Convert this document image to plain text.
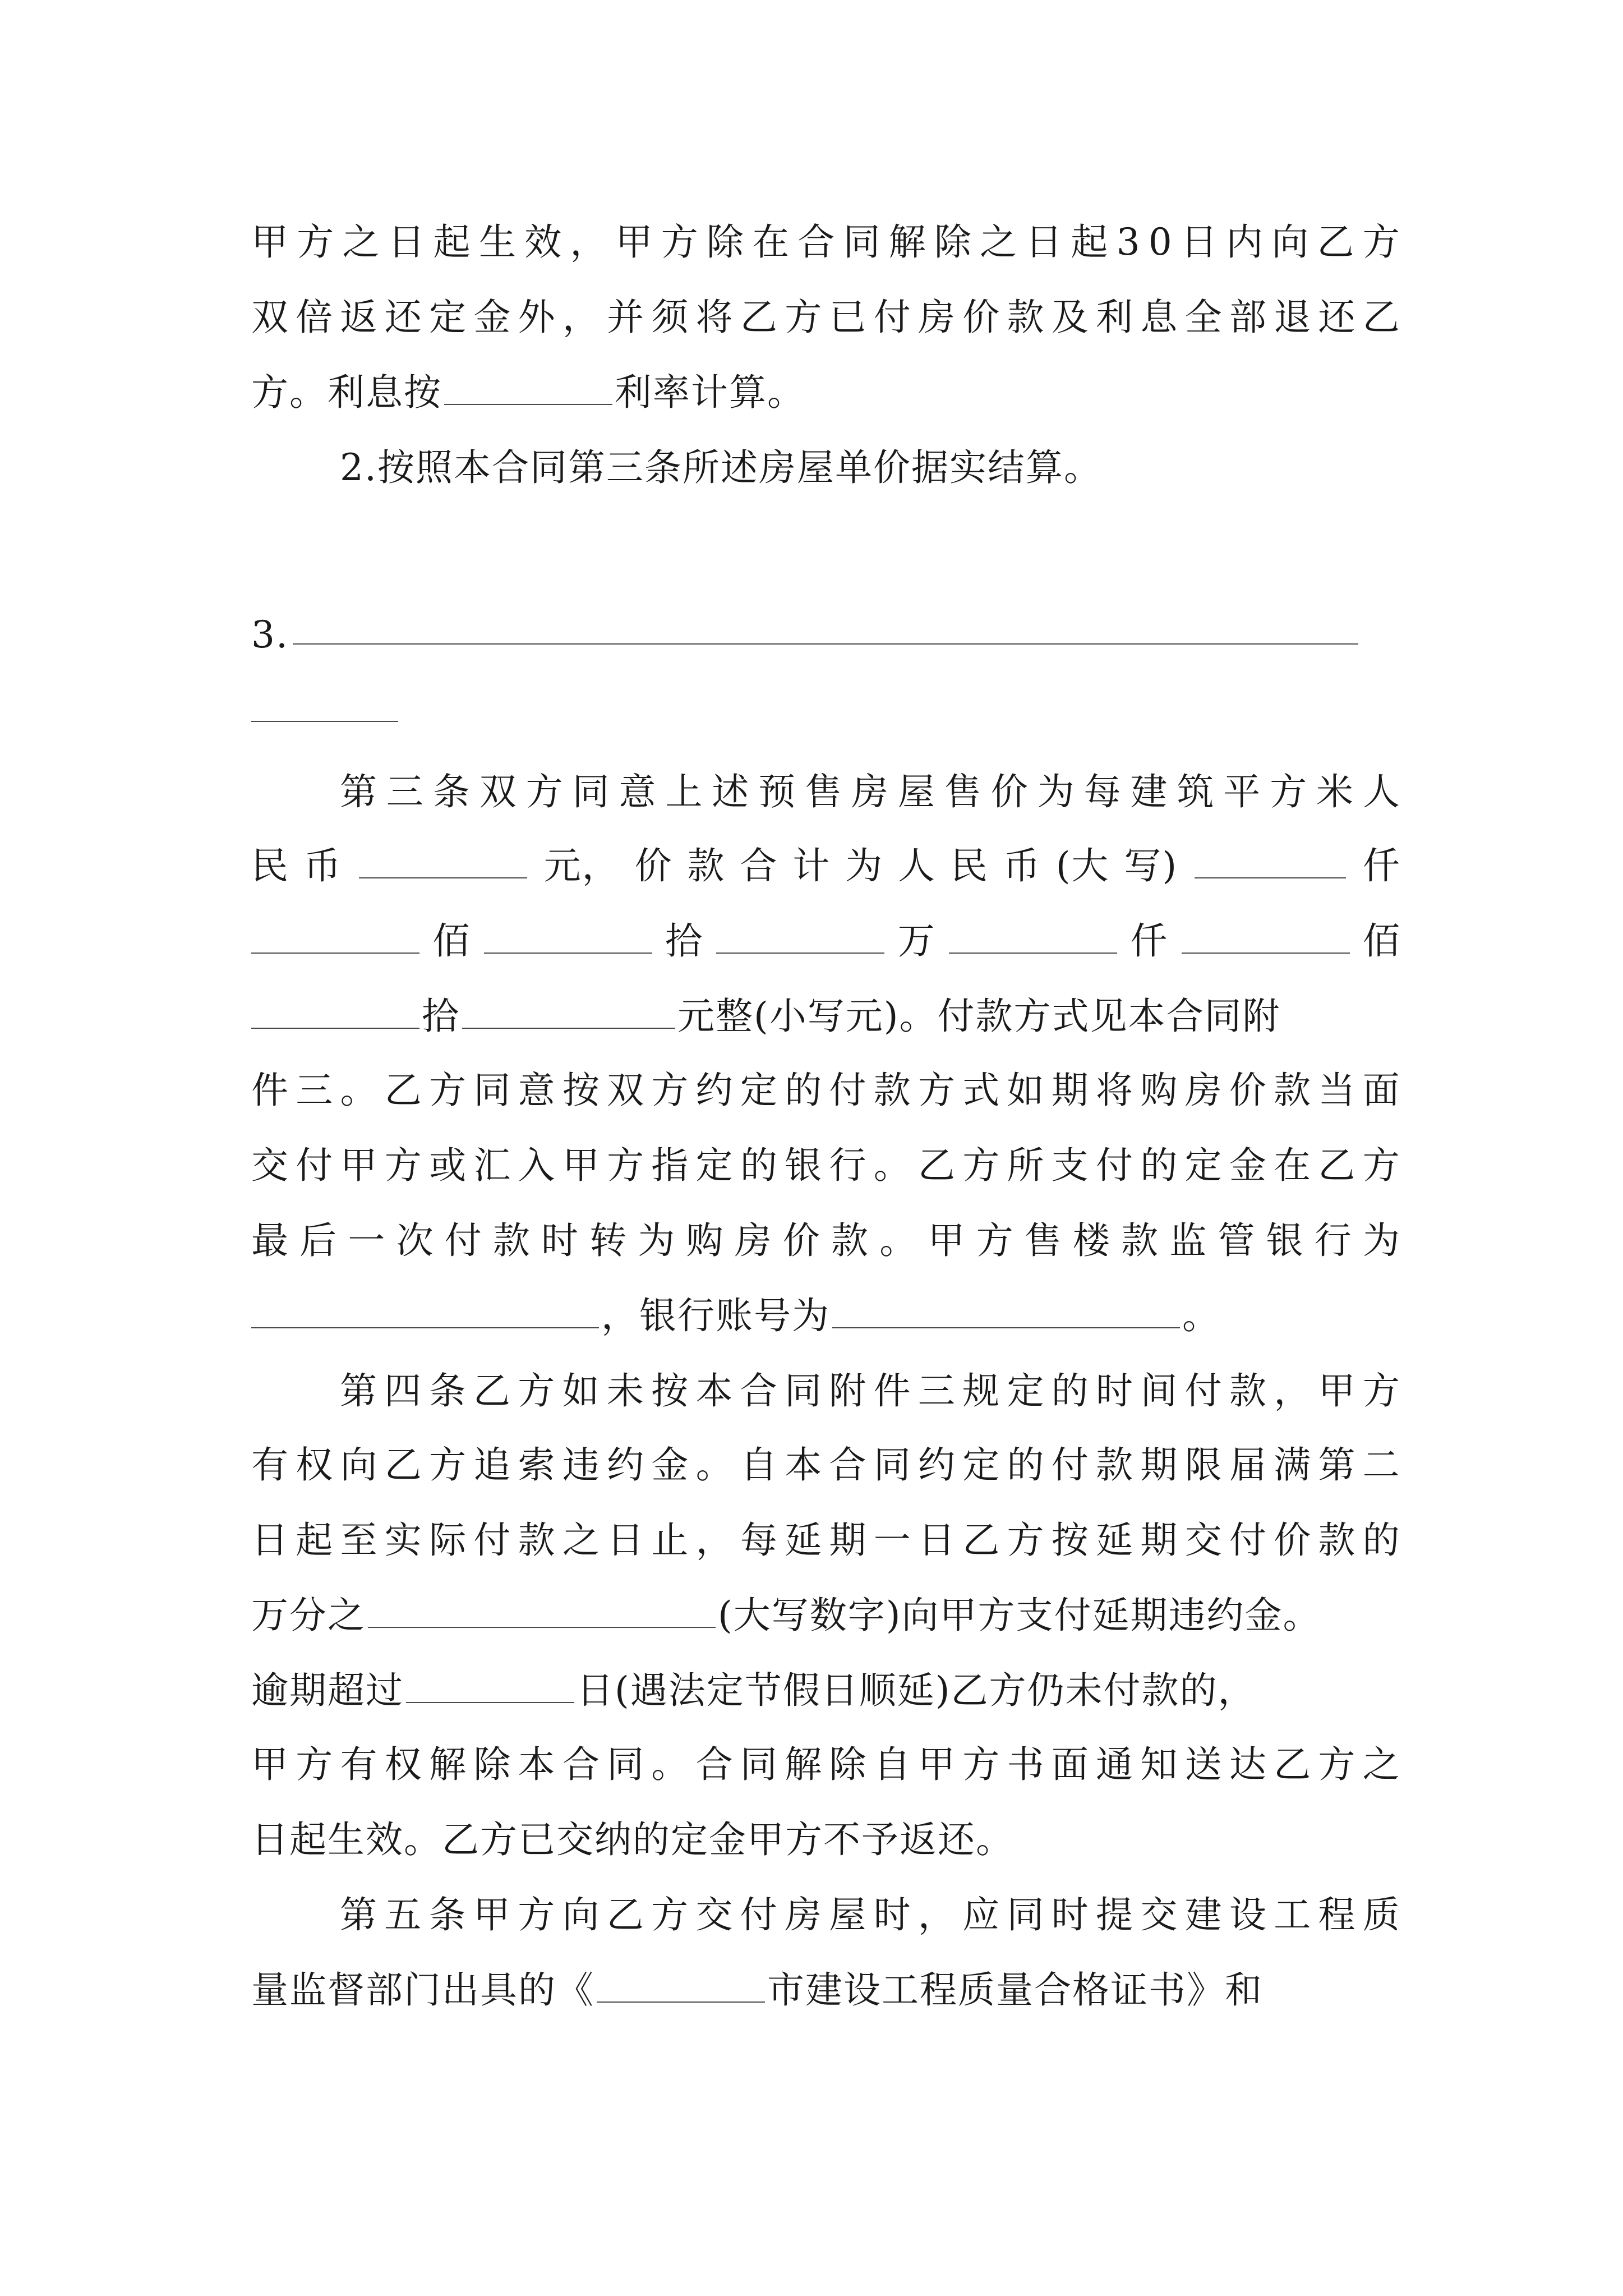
甲 方 之 日 起 生 效 ， 甲 方 除 在 合 同 解 除 之 日 起 3 0 日 内 向 乙 方
双 倍 返 还 定 金 外 ， 并 须 将 乙 方 已 付 房 价 款 及 利 息 全 部 退 还 乙
方。利息按	利率计算。
2.按照本合同第三条所述房屋单价据实结算。
3.
第 三 条 双 方 同 意 上 述 预 售 房 屋 售 价 为 每 建 筑 平 方 米 人
民 币	元， 价 款 合 计 为 人 民 币 (大 写)	仟
佰	拾	万	仟	佰
拾	元整(小写元)。付款方式见本合同附
件 三 。 乙 方 同 意 按 双 方 约 定 的 付 款 方 式 如 期 将 购 房 价 款 当 面
交 付 甲 方 或 汇 入 甲 方 指 定 的 银 行 。 乙 方 所 支 付 的 定 金 在 乙 方
最 后 一 次 付 款 时 转 为 购 房 价 款 。 甲 方 售 楼 款 监 管 银 行 为
，银行账号为	。
第 四 条 乙 方 如 未 按 本 合 同 附 件 三 规 定 的 时 间 付 款 ， 甲 方
有 权 向 乙 方 追 索 违 约 金 。 自 本 合 同 约 定 的 付 款 期 限 届 满 第 二
日 起 至 实 际 付 款 之 日 止 ， 每 延 期 一 日 乙 方 按 延 期 交 付 价 款 的
万分之	(大写数字)向甲方支付延期违约金。
逾期超过	日(遇法定节假日顺延)乙方仍未付款的，
甲 方 有 权 解 除 本 合 同 。 合 同 解 除 自 甲 方 书 面 通 知 送 达 乙 方 之
日起生效。乙方已交纳的定金甲方不予返还。
第 五 条 甲 方 向 乙 方 交 付 房 屋 时 ， 应 同 时 提 交 建 设 工 程 质
量监督部门出具的《	市建设工程质量合格证书》和
